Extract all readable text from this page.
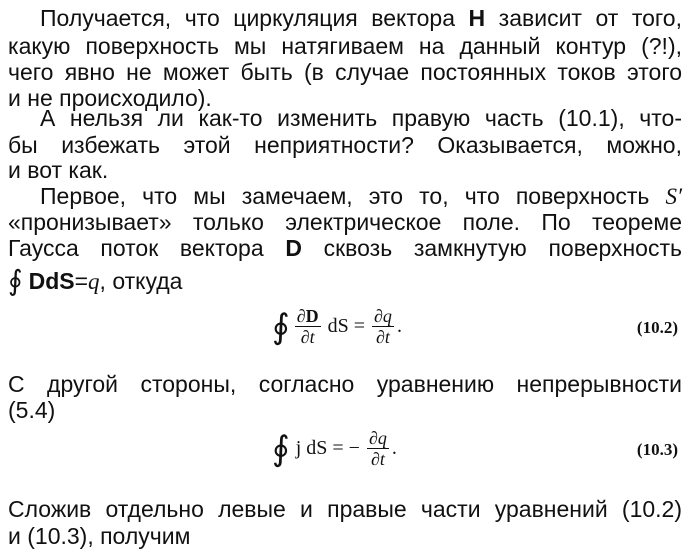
Получается, что циркуляция вектора H зависит от того,
какую поверхность мы натягиваем на данный контур (?!),
чего явно не может быть (в случае постоянных токов этого
и не происходило).
А нельзя ли как-то изменить правую часть (10.1), что-
бы избежать этой неприятности? Оказывается, можно,
и вот как.
Первое, что мы замечаем, это то, что поверхность S′
«пронизывает» только электрическое поле. По теореме
Гаусса поток вектора D сквозь замкнутую поверхность
∮ D dS = q , откуда
∮ $\frac{\partial D}{\partial t}$ dS = $\frac{\partial q}{\partial t}$ .	(10.2)
С другой стороны, согласно уравнению непрерывности
(5.4)
∮ j dS = − $\frac{\partial q}{\partial t}$ .	(10.3)
Сложив отдельно левые и правые части уравнений (10.2)
и (10.3), получим
